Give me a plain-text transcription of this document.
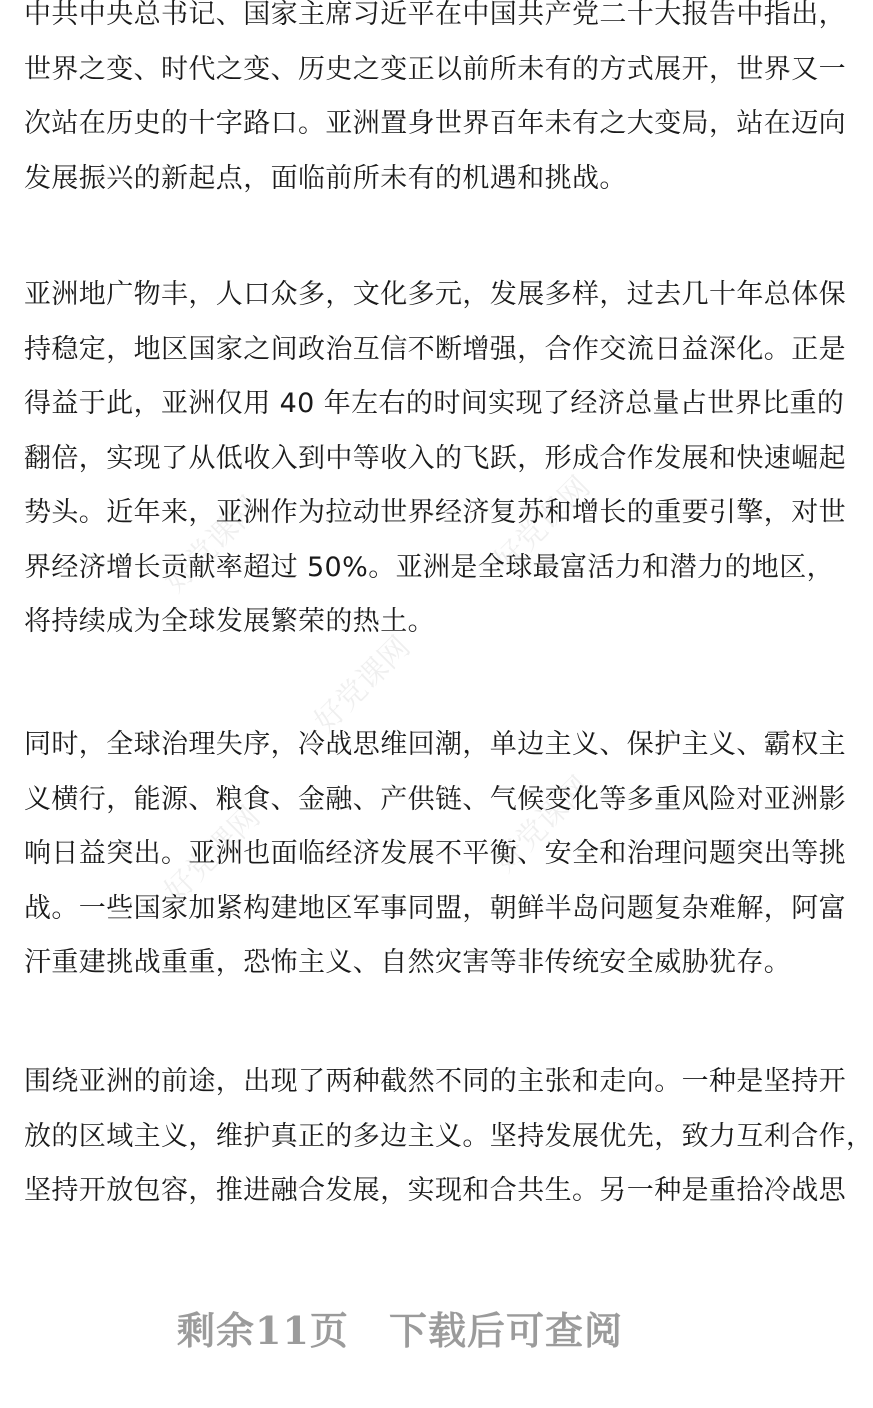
中共中央总书记、国家主席习近平在中国共产党二十大报告中指出，
世界之变、时代之变、历史之变正以前所未有的方式展开，世界又一
次站在历史的十字路口。亚洲置身世界百年未有之大变局，站在迈向
发展振兴的新起点，面临前所未有的机遇和挑战。

亚洲地广物丰，人口众多，文化多元，发展多样，过去几十年总体保
持稳定，地区国家之间政治互信不断增强，合作交流日益深化。正是
得益于此，亚洲仅用 40 年左右的时间实现了经济总量占世界比重的
翻倍，实现了从低收入到中等收入的飞跃，形成合作发展和快速崛起
势头。近年来，亚洲作为拉动世界经济复苏和增长的重要引擎，对世
界经济增长贡献率超过 50%。亚洲是全球最富活力和潜力的地区，
将持续成为全球发展繁荣的热土。

同时，全球治理失序，冷战思维回潮，单边主义、保护主义、霸权主
义横行，能源、粮食、金融、产供链、气候变化等多重风险对亚洲影
响日益突出。亚洲也面临经济发展不平衡、安全和治理问题突出等挑
战。一些国家加紧构建地区军事同盟，朝鲜半岛问题复杂难解，阿富
汗重建挑战重重，恐怖主义、自然灾害等非传统安全威胁犹存。

围绕亚洲的前途，出现了两种截然不同的主张和走向。一种是坚持开
放的区域主义，维护真正的多边主义。坚持发展优先，致力互利合作，
坚持开放包容，推进融合发展，实现和合共生。另一种是重拾冷战思

好党课网	好党课网
好党课网
好党课网	好党课网
剩余11页 下载后可查阅
